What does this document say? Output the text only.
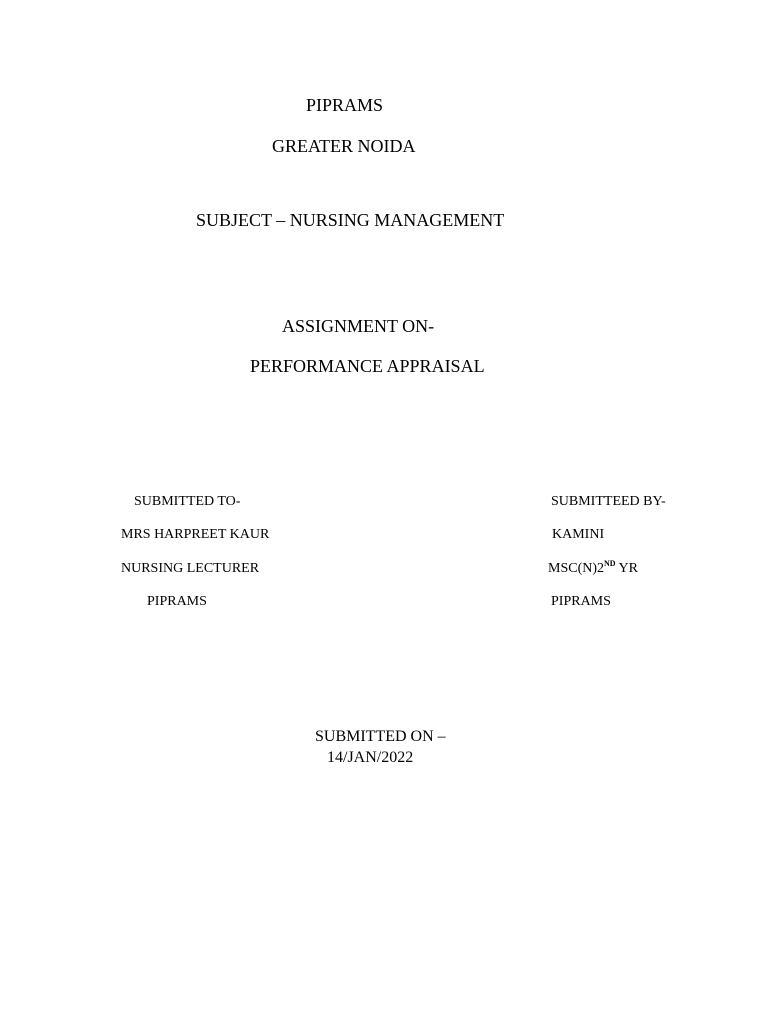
PIPRAMS
GREATER NOIDA
SUBJECT – NURSING MANAGEMENT
ASSIGNMENT ON-
PERFORMANCE APPRAISAL
SUBMITTED TO-
MRS HARPREET KAUR
NURSING LECTURER
PIPRAMS
SUBMITTEED BY-
KAMINI
MSC(N)2ND YR
PIPRAMS
SUBMITTED ON –
14/JAN/2022
